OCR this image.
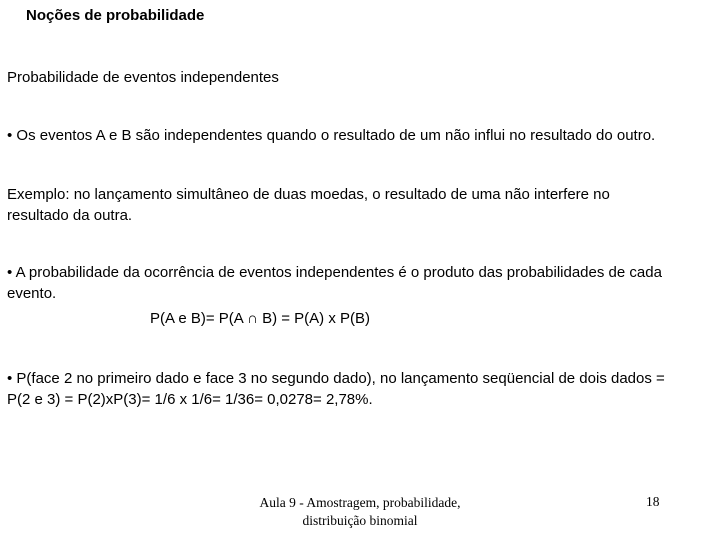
Noções de probabilidade
Probabilidade de eventos independentes
• Os eventos A e B são independentes quando o resultado de um não influi no resultado do outro.
Exemplo: no lançamento simultâneo de duas moedas, o resultado de uma não interfere no
resultado da outra.
• A probabilidade da ocorrência de eventos independentes é o produto das probabilidades de cada
evento.
P(A e B)= P(A ∩ B) = P(A) x P(B)
• P(face 2 no primeiro dado e face 3 no segundo dado), no lançamento seqüencial de dois dados =
P(2 e 3) = P(2)xP(3)= 1/6 x 1/6= 1/36= 0,0278= 2,78%.
Aula 9 - Amostragem, probabilidade,
distribuição binomial
18
